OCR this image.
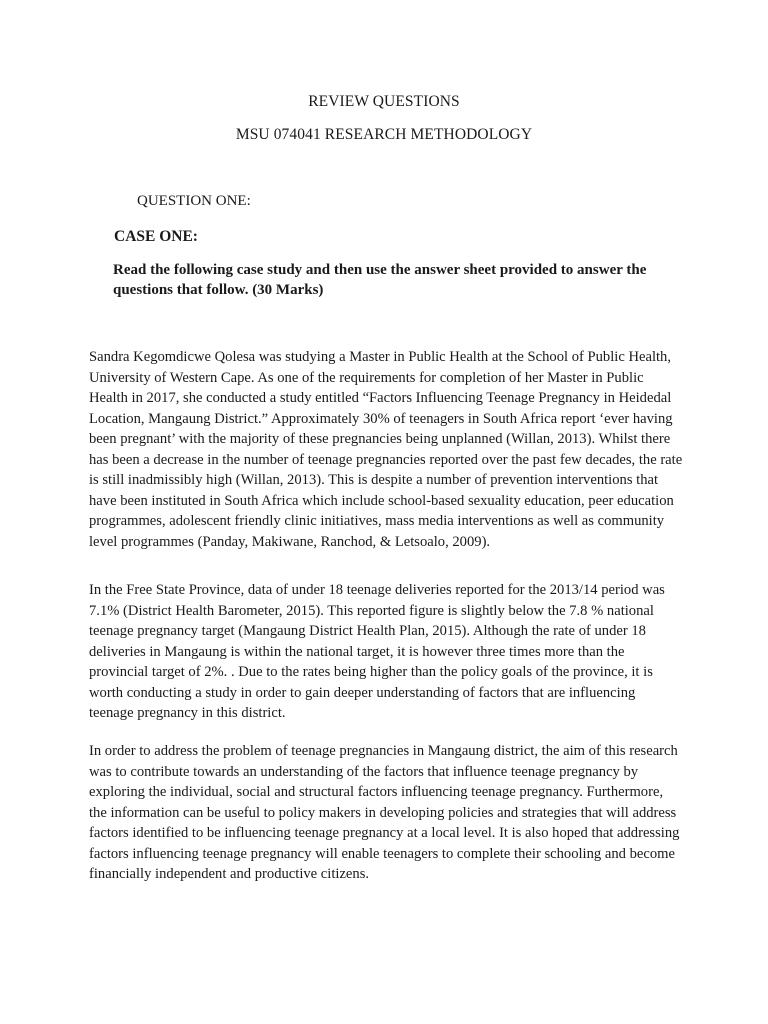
REVIEW QUESTIONS
MSU 074041 RESEARCH METHODOLOGY
QUESTION ONE:
CASE ONE:
Read the following case study and then use the answer sheet provided to answer the questions that follow. (30 Marks)
Sandra Kegomdicwe Qolesa was studying a Master in Public Health at the School of Public Health, University of Western Cape. As one of the requirements for completion of her Master in Public Health in 2017, she conducted a study entitled “Factors Influencing Teenage Pregnancy in Heidedal Location, Mangaung District.” Approximately 30% of teenagers in South Africa report ‘ever having been pregnant’ with the majority of these pregnancies being unplanned (Willan, 2013). Whilst there has been a decrease in the number of teenage pregnancies reported over the past few decades, the rate is still inadmissibly high (Willan, 2013). This is despite a number of prevention interventions that have been instituted in South Africa which include school-based sexuality education, peer education programmes, adolescent friendly clinic initiatives, mass media interventions as well as community level programmes (Panday, Makiwane, Ranchod, & Letsoalo, 2009).
In the Free State Province, data of under 18 teenage deliveries reported for the 2013/14 period was 7.1% (District Health Barometer, 2015). This reported figure is slightly below the 7.8 % national teenage pregnancy target (Mangaung District Health Plan, 2015). Although the rate of under 18 deliveries in Mangaung is within the national target, it is however three times more than the provincial target of 2%. . Due to the rates being higher than the policy goals of the province, it is worth conducting a study in order to gain deeper understanding of factors that are influencing teenage pregnancy in this district.
In order to address the problem of teenage pregnancies in Mangaung district, the aim of this research was to contribute towards an understanding of the factors that influence teenage pregnancy by exploring the individual, social and structural factors influencing teenage pregnancy. Furthermore, the information can be useful to policy makers in developing policies and strategies that will address factors identified to be influencing teenage pregnancy at a local level. It is also hoped that addressing factors influencing teenage pregnancy will enable teenagers to complete their schooling and become financially independent and productive citizens.
